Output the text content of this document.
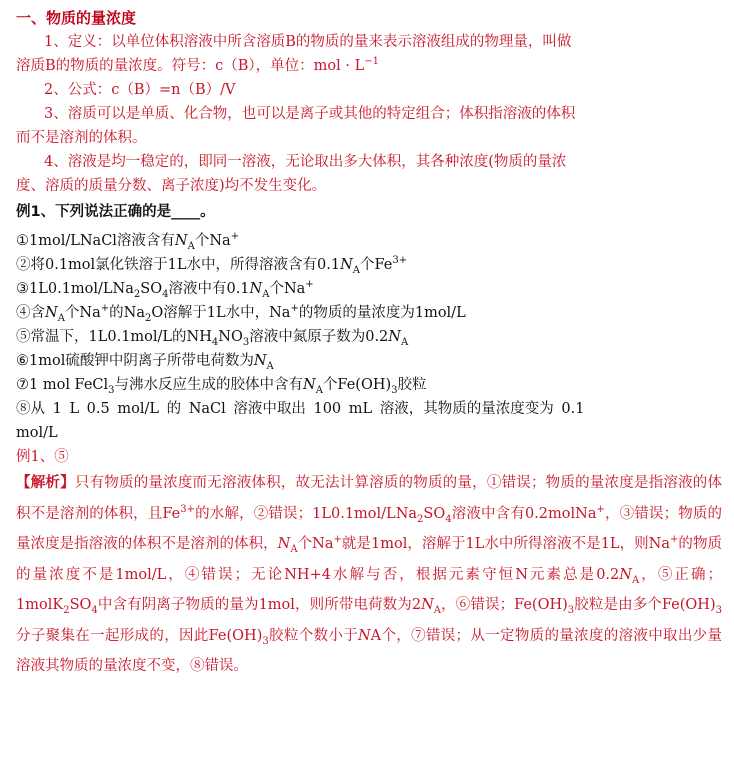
一、物质的量浓度
1、定义：以单位体积溶液中所含溶质B的物质的量来表示溶液组成的物理量，叫做
溶质B的物质的量浓度。符号：c（B），单位：mol · $L^{-1}$
2、公式：c（B）=n（B）/V
3、溶质可以是单质、化合物，也可以是离子或其他的特定组合；体积指溶液的体积
而不是溶剂的体积。
4、溶液是均一稳定的，即同一溶液，无论取出多大体积，其各种浓度(物质的量浓
度、溶质的质量分数、离子浓度)均不发生变化。
例1、下列说法正确的是____。
①1mol/LNaCl溶液含有$N_A$个Na+
②将0.1mol氯化铁溶于1L水中，所得溶液含有$0.1N_A$个$Fe^{3+}$
$③1L0.1mol/LNa_2SO_4$溶液中有$0.1N_A$个Na+
④含$N_A$个Na+的$Na_2O$溶解于1L水中，Na+的物质的量浓度为1mol/L
⑤常温下，1L0.1mol/L的$NH_4NO_3$溶液中氮原子数为$0.2N_A$
⑥1mol硫酸钾中阴离子所带电荷数为$N_A$
⑦1 mol FeCl$_3$与沸水反应生成的胶体中含有$N_A$个$Fe(OH)_3$胶粒
⑧从 1 L 0.5 mol/L 的 NaCl 溶液中取出 100 mL 溶液，其物质的量浓度变为 0.1
mol/L
例1、⑤
【解析】只有物质的量浓度而无溶液体积，故无法计算溶质的物质的量，①错误；物质的量浓度是指溶液的体积不是溶剂的体积，且$Fe^{3+}$的水解，②错误；$1L0.1mol/LNa_2SO_4$溶液中含有0.2molNa+，③错误；物质的量浓度是指溶液的体积不是溶剂的体积，$N_A$个Na+就是1mol，溶解于1L水中所得溶液不是1L，则Na+的物质的量浓度不是1mol/L，④错误；无论NH+4水解与否，根据元素守恒N元素总是$0.2N_A$，⑤正确；$1molK_2SO_4$中含有阴离子物质的量为1mol，则所带电荷数为$2N_A$，⑥错误；$Fe(OH)_3$胶粒是由多个$Fe(OH)_3$分子聚集在一起形成的，因此$Fe(OH)_3$胶粒个数小于NA个，⑦错误；从一定物质的量浓度的溶液中取出少量溶液其物质的量浓度不变，⑧错误。
